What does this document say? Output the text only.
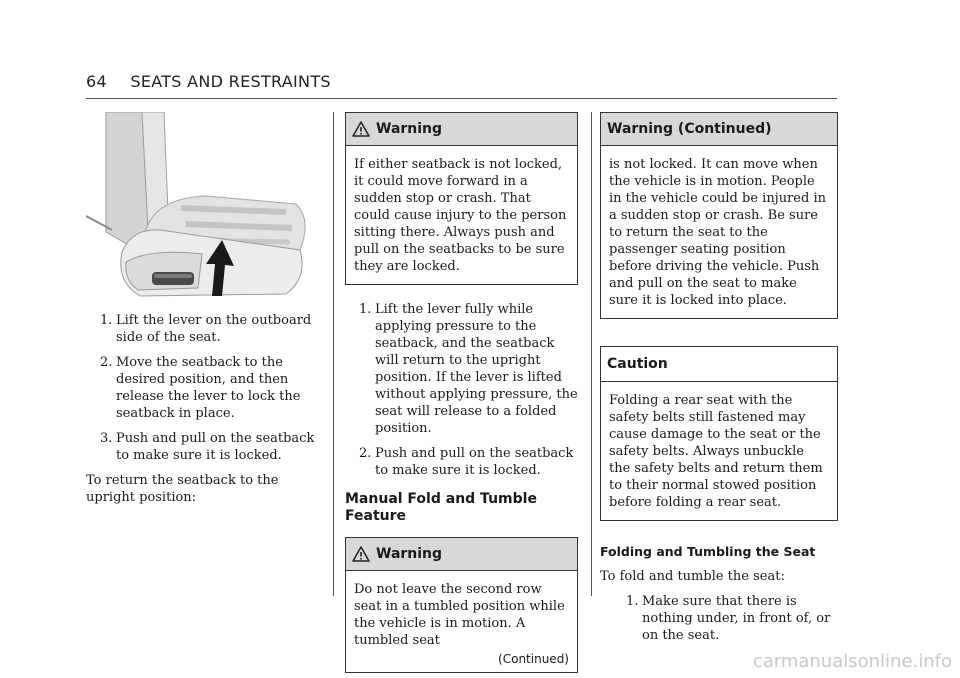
64 SEATS AND RESTRAINTS
1. Lift the lever on the outboard side of the seat.
2. Move the seatback to the desired position, and then release the lever to lock the seatback in place.
3. Push and pull on the seatback to make sure it is locked.
To return the seatback to the upright position:
Warning
If either seatback is not locked, it could move forward in a sudden stop or crash. That could cause injury to the person sitting there. Always push and pull on the seatbacks to be sure they are locked.
1. Lift the lever fully while applying pressure to the seatback, and the seatback will return to the upright position. If the lever is lifted without applying pressure, the seat will release to a folded position.
2. Push and pull on the seatback to make sure it is locked.
Manual Fold and Tumble Feature
Warning
Do not leave the second row seat in a tumbled position while the vehicle is in motion. A tumbled seat
(Continued)
Warning (Continued)
is not locked. It can move when the vehicle is in motion. People in the vehicle could be injured in a sudden stop or crash. Be sure to return the seat to the passenger seating position before driving the vehicle. Push and pull on the seat to make sure it is locked into place.
Caution
Folding a rear seat with the safety belts still fastened may cause damage to the seat or the safety belts. Always unbuckle the safety belts and return them to their normal stowed position before folding a rear seat.
Folding and Tumbling the Seat
To fold and tumble the seat:
1. Make sure that there is nothing under, in front of, or on the seat.
carmanualsonline.info
